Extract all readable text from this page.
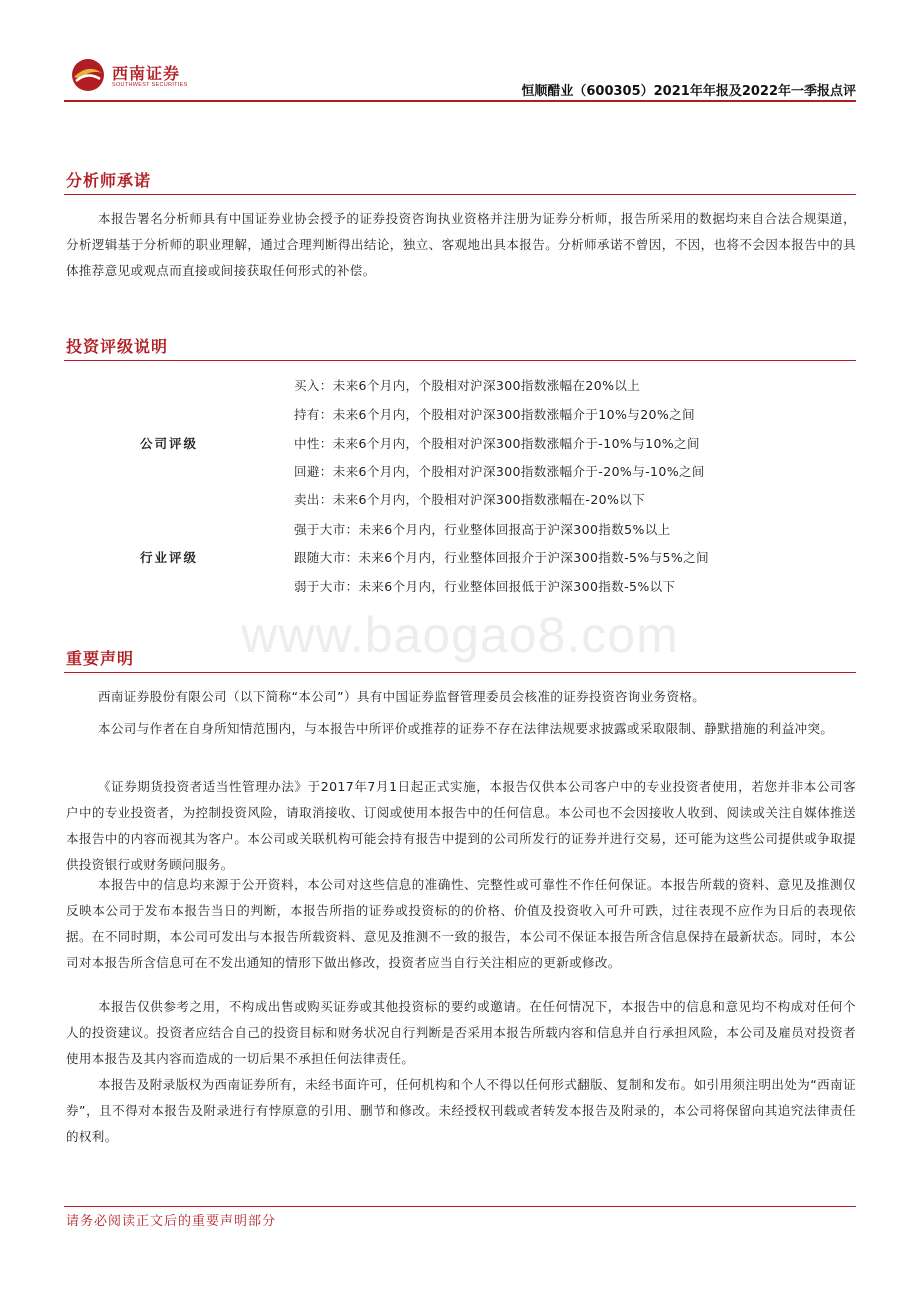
西南证券
SOUTHWEST SECURITIES	恒顺醋业（600305）2021年年报及2022年一季报点评
分析师承诺
本报告署名分析师具有中国证券业协会授予的证券投资咨询执业资格并注册为证券分析师，报告所采用的数据均来自合法合规渠道，分析逻辑基于分析师的职业理解，通过合理判断得出结论，独立、客观地出具本报告。分析师承诺不曾因，不因，也将不会因本报告中的具体推荐意见或观点而直接或间接获取任何形式的补偿。
投资评级说明
公司评级
买入：未来6个月内，个股相对沪深300指数涨幅在20%以上
持有：未来6个月内，个股相对沪深300指数涨幅介于10%与20%之间
中性：未来6个月内，个股相对沪深300指数涨幅介于-10%与10%之间
回避：未来6个月内，个股相对沪深300指数涨幅介于-20%与-10%之间
卖出：未来6个月内，个股相对沪深300指数涨幅在-20%以下
行业评级
强于大市：未来6个月内，行业整体回报高于沪深300指数5%以上
跟随大市：未来6个月内，行业整体回报介于沪深300指数-5%与5%之间
弱于大市：未来6个月内，行业整体回报低于沪深300指数-5%以下
www.baogao8.com
重要声明
西南证券股份有限公司（以下简称“本公司”）具有中国证券监督管理委员会核准的证券投资咨询业务资格。
本公司与作者在自身所知情范围内，与本报告中所评价或推荐的证券不存在法律法规要求披露或采取限制、静默措施的利益冲突。
《证券期货投资者适当性管理办法》于2017年7月1日起正式实施，本报告仅供本公司客户中的专业投资者使用，若您并非本公司客户中的专业投资者，为控制投资风险，请取消接收、订阅或使用本报告中的任何信息。本公司也不会因接收人收到、阅读或关注自媒体推送本报告中的内容而视其为客户。本公司或关联机构可能会持有报告中提到的公司所发行的证券并进行交易，还可能为这些公司提供或争取提供投资银行或财务顾问服务。
本报告中的信息均来源于公开资料，本公司对这些信息的准确性、完整性或可靠性不作任何保证。本报告所载的资料、意见及推测仅反映本公司于发布本报告当日的判断，本报告所指的证券或投资标的的价格、价值及投资收入可升可跌，过往表现不应作为日后的表现依据。在不同时期，本公司可发出与本报告所载资料、意见及推测不一致的报告，本公司不保证本报告所含信息保持在最新状态。同时，本公司对本报告所含信息可在不发出通知的情形下做出修改，投资者应当自行关注相应的更新或修改。
本报告仅供参考之用，不构成出售或购买证券或其他投资标的要约或邀请。在任何情况下，本报告中的信息和意见均不构成对任何个人的投资建议。投资者应结合自己的投资目标和财务状况自行判断是否采用本报告所载内容和信息并自行承担风险，本公司及雇员对投资者使用本报告及其内容而造成的一切后果不承担任何法律责任。
本报告及附录版权为西南证券所有，未经书面许可，任何机构和个人不得以任何形式翻版、复制和发布。如引用须注明出处为“西南证券”，且不得对本报告及附录进行有悖原意的引用、删节和修改。未经授权刊载或者转发本报告及附录的，本公司将保留向其追究法律责任的权利。
请务必阅读正文后的重要声明部分
